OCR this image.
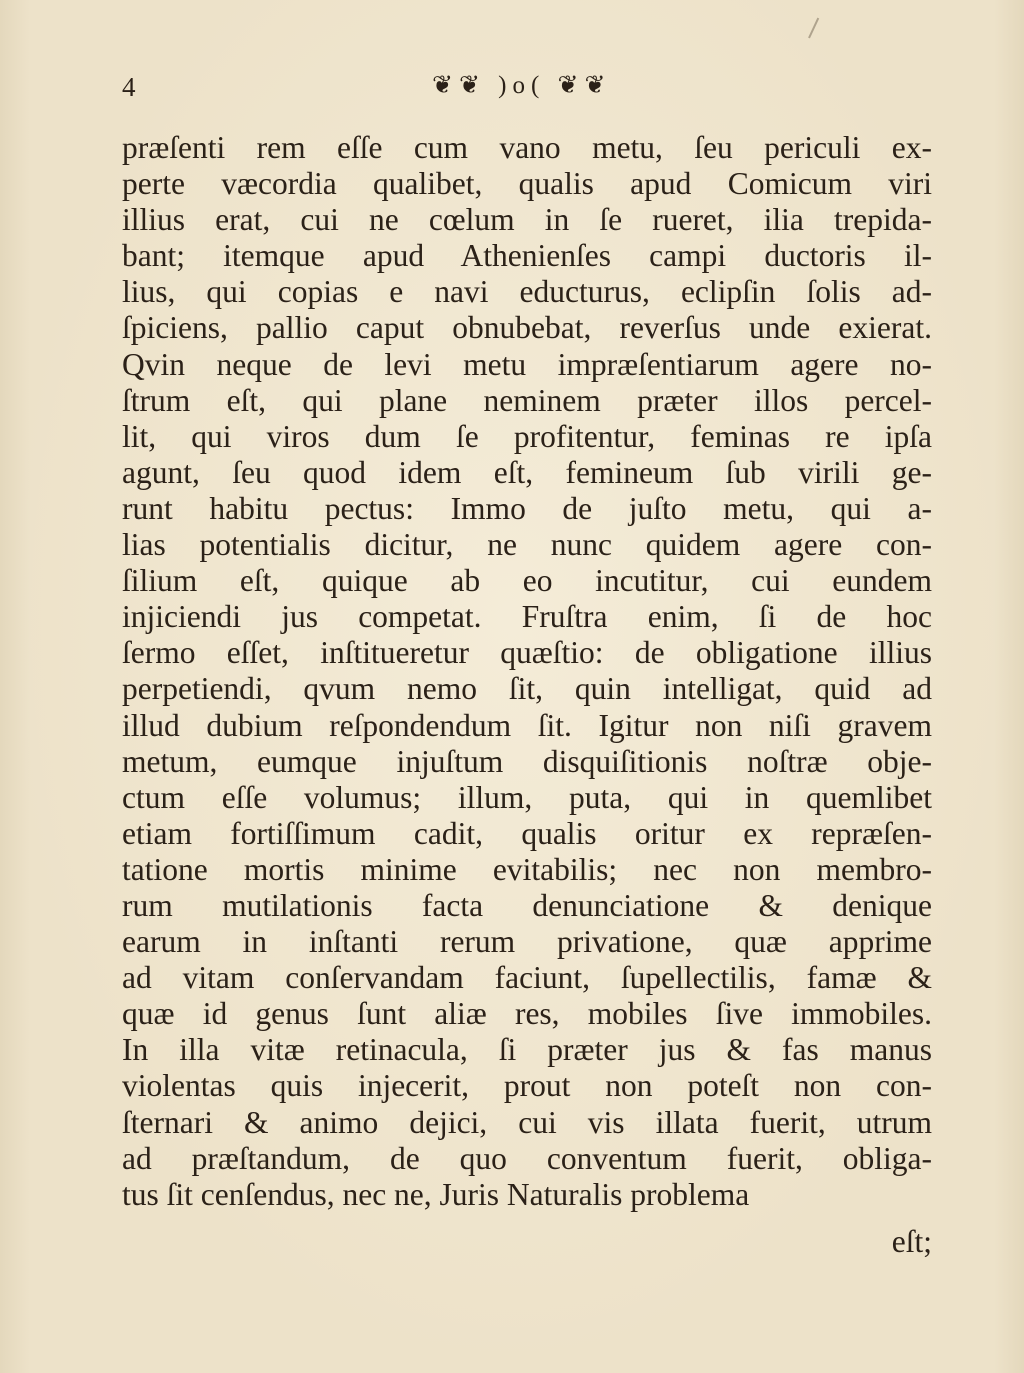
4	❦❦ )o( ❦❦
præſenti rem eſſe cum vano metu, ſeu periculi ex-
perte væcordia qualibet, qualis apud Comicum viri
illius erat, cui ne cœlum in ſe rueret, ilia trepida-
bant; itemque apud Athenienſes campi ductoris il-
lius, qui copias e navi educturus, eclipſin ſolis ad-
ſpiciens, pallio caput obnubebat, reverſus unde exierat.
Qvin neque de levi metu impræſentiarum agere no-
ſtrum eſt, qui plane neminem præter illos percel-
lit, qui viros dum ſe profitentur, feminas re ipſa
agunt, ſeu quod idem eſt, femineum ſub virili ge-
runt habitu pectus: Immo de juſto metu, qui a-
lias potentialis dicitur, ne nunc quidem agere con-
ſilium eſt, quique ab eo incutitur, cui eundem
injiciendi jus competat. Fruſtra enim, ſi de hoc
ſermo eſſet, inſtitueretur quæſtio: de obligatione illius
perpetiendi, qvum nemo ſit, quin intelligat, quid ad
illud dubium reſpondendum ſit. Igitur non niſi gravem
metum, eumque injuſtum disquiſitionis noſtræ obje-
ctum eſſe volumus; illum, puta, qui in quemlibet
etiam fortiſſimum cadit, qualis oritur ex repræſen-
tatione mortis minime evitabilis; nec non membro-
rum mutilationis facta denunciatione & denique
earum in inſtanti rerum privatione, quæ apprime
ad vitam conſervandam faciunt, ſupellectilis, famæ &
quæ id genus ſunt aliæ res, mobiles ſive immobiles.
In illa vitæ retinacula, ſi præter jus & fas manus
violentas quis injecerit, prout non poteſt non con-
ſternari & animo dejici, cui vis illata fuerit, utrum
ad præſtandum, de quo conventum fuerit, obliga-
tus ſit cenſendus, nec ne, Juris Naturalis problema
eſt;
